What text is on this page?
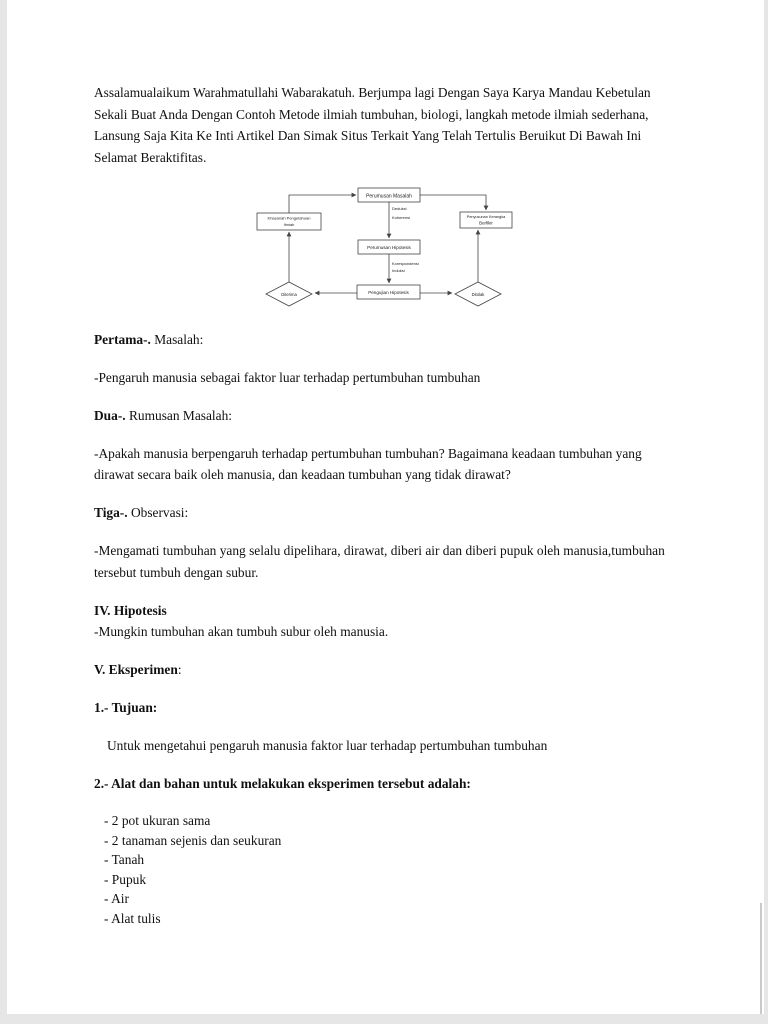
Assalamualaikum Warahmatullahi Wabarakatuh. Berjumpa lagi Dengan Saya Karya Mandau Kebetulan Sekali Buat Anda Dengan Contoh Metode ilmiah tumbuhan, biologi, langkah metode ilmiah sederhana, Lansung Saja Kita Ke Inti Artikel Dan Simak Situs Terkait Yang Telah Tertulis Beruikut Di Bawah Ini Selamat Beraktifitas.

Perumusan Masalah
Deduksi
Koherensi
Khasanah Pengetahuan
Ilmiah
Penyusunan Kerangka
Berfikir
Perumusan Hipotesis
Korespondensi
Induksi
Pengujian Hipotesis
Diterima	Ditolak

Pertama-. Masalah:

-Pengaruh manusia sebagai faktor luar terhadap pertumbuhan tumbuhan

Dua-. Rumusan Masalah:

-Apakah manusia berpengaruh terhadap pertumbuhan tumbuhan? Bagaimana keadaan tumbuhan yang dirawat secara baik oleh manusia, dan keadaan tumbuhan yang tidak dirawat?

Tiga-. Observasi:

-Mengamati tumbuhan yang selalu dipelihara, dirawat, diberi air dan diberi pupuk oleh manusia,tumbuhan tersebut tumbuh dengan subur.

IV. Hipotesis

-Mungkin tumbuhan akan tumbuh subur oleh manusia.

V. Eksperimen:

1.- Tujuan:

Untuk mengetahui pengaruh manusia faktor luar terhadap pertumbuhan tumbuhan

2.- Alat dan bahan untuk melakukan eksperimen tersebut adalah:

- 2 pot ukuran sama
- 2 tanaman sejenis dan seukuran
- Tanah
- Pupuk
- Air
- Alat tulis
